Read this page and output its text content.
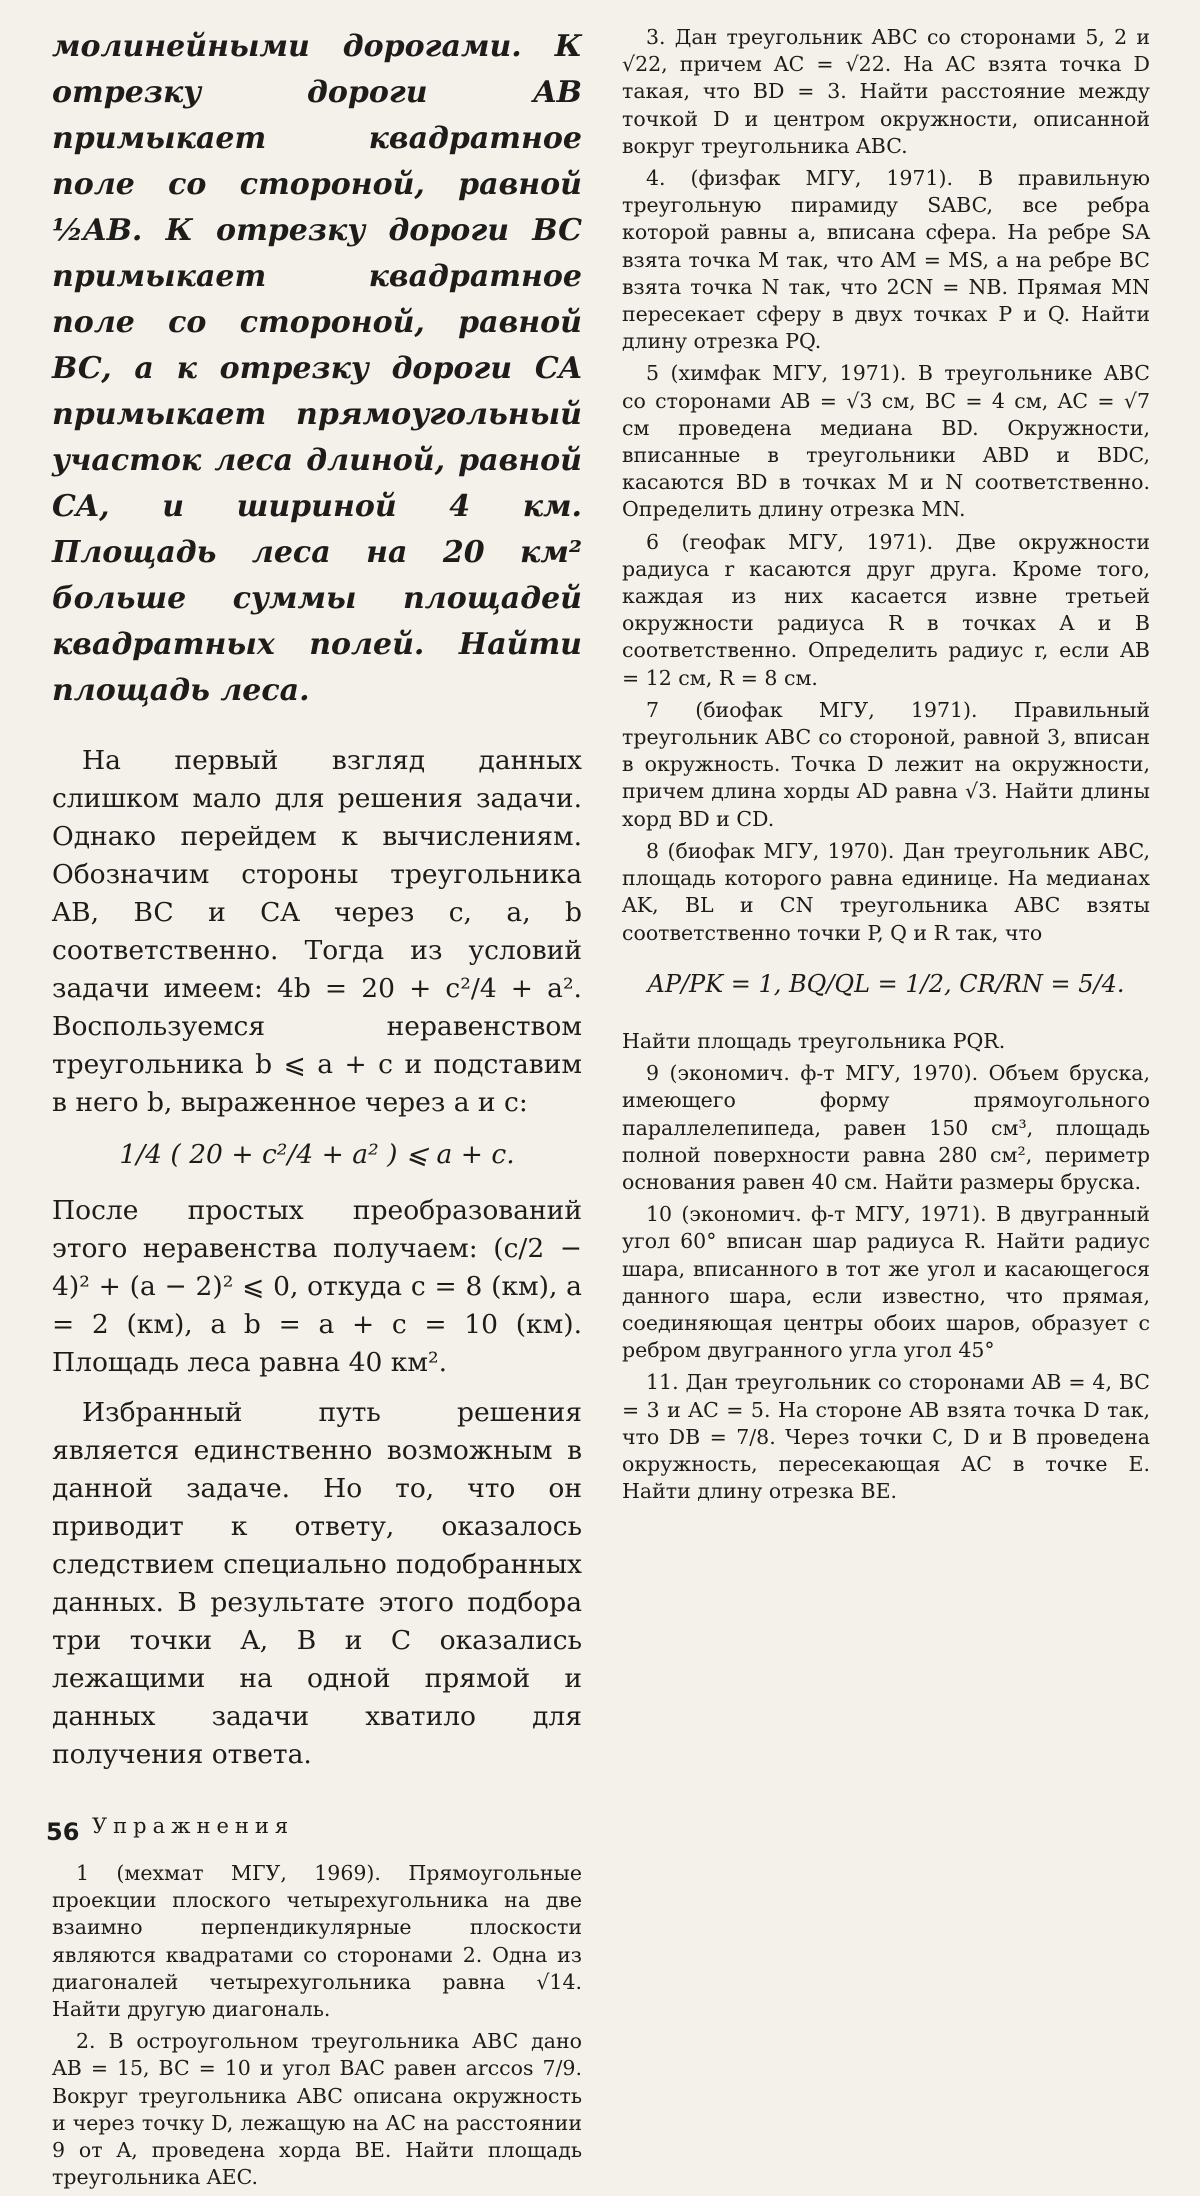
молинейными дорогами. К отрезку дороги AB примыкает квадратное поле со стороной, равной ½AB. К отрезку дороги BC примыкает квадратное поле со стороной, равной BC, а к отрезку дороги CA примыкает прямоугольный участок леса длиной, равной CA, и шириной 4 км. Площадь леса на 20 км² больше суммы площадей квадратных полей. Найти площадь леса.

На первый взгляд данных слишком мало для решения задачи. Однако перейдем к вычислениям. Обозначим стороны треугольника AB, BC и CA через c, a, b соответственно. Тогда из условий задачи имеем: 4b = 20 + c²/4 + a². Воспользуемся неравенством треугольника b ⩽ a + c и подставим в него b, выраженное через a и c:

1/4 ( 20 + c²/4 + a² ) ⩽ a + c.

После простых преобразований этого неравенства получаем: (c/2 − 4)² + (a − 2)² ⩽ 0, откуда c = 8 (км), a = 2 (км), a b = a + c = 10 (км). Площадь леса равна 40 км².

Избранный путь решения является единственно возможным в данной задаче. Но то, что он приводит к ответу, оказалось следствием специально подобранных данных. В результате этого подбора три точки A, B и C оказались лежащими на одной прямой и данных задачи хватило для получения ответа.

Упражнения

1 (мехмат МГУ, 1969). Прямоугольные проекции плоского четырехугольника на две взаимно перпендикулярные плоскости являются квадратами со сторонами 2. Одна из диагоналей четырехугольника равна √14. Найти другую диагональ.

2. В остроугольном треугольника ABC дано AB = 15, BC = 10 и угол BAC равен arccos 7/9. Вокруг треугольника ABC описана окружность и через точку D, лежащую на AC на расстоянии 9 от A, проведена хорда BE. Найти площадь треугольника AEC.

3. Дан треугольник ABC со сторонами 5, 2 и √22, причем AC = √22. На AC взята точка D такая, что BD = 3. Найти расстояние между точкой D и центром окружности, описанной вокруг треугольника ABC.

4. (физфак МГУ, 1971). В правильную треугольную пирамиду SABC, все ребра которой равны a, вписана сфера. На ребре SA взята точка M так, что AM = MS, а на ребре BC взята точка N так, что 2CN = NB. Прямая MN пересекает сферу в двух точках P и Q. Найти длину отрезка PQ.

5 (химфак МГУ, 1971). В треугольнике ABC со сторонами AB = √3 см, BC = 4 см, AC = √7 см проведена медиана BD. Окружности, вписанные в треугольники ABD и BDC, касаются BD в точках M и N соответственно. Определить длину отрезка MN.

6 (геофак МГУ, 1971). Две окружности радиуса r касаются друг друга. Кроме того, каждая из них касается извне третьей окружности радиуса R в точках A и B соответственно. Определить радиус r, если AB = 12 см, R = 8 см.

7 (биофак МГУ, 1971). Правильный треугольник ABC со стороной, равной 3, вписан в окружность. Точка D лежит на окружности, причем длина хорды AD равна √3. Найти длины хорд BD и CD.

8 (биофак МГУ, 1970). Дан треугольник ABC, площадь которого равна единице. На медианах AK, BL и CN треугольника ABC взяты соответственно точки P, Q и R так, что

AP/PK = 1, BQ/QL = 1/2, CR/RN = 5/4.

Найти площадь треугольника PQR.

9 (экономич. ф-т МГУ, 1970). Объем бруска, имеющего форму прямоугольного параллелепипеда, равен 150 см³, площадь полной поверхности равна 280 см², периметр основания равен 40 см. Найти размеры бруска.

10 (экономич. ф-т МГУ, 1971). В двугранный угол 60° вписан шар радиуса R. Найти радиус шара, вписанного в тот же угол и касающегося данного шара, если известно, что прямая, соединяющая центры обоих шаров, образует с ребром двугранного угла угол 45°

11. Дан треугольник со сторонами AB = 4, BC = 3 и AC = 5. На стороне AB взята точка D так, что DB = 7/8. Через точки C, D и B проведена окружность, пересекающая AC в точке E. Найти длину отрезка BE.

56
